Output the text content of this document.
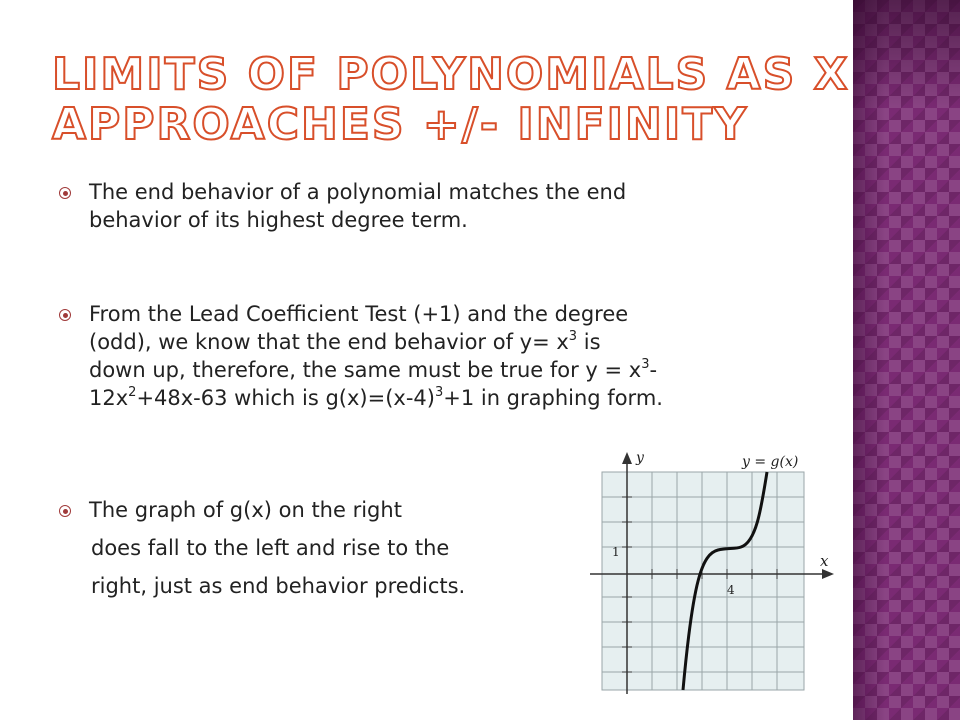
LIMITS OF POLYNOMIALS AS X
APPROACHES +/- INFINITY
The end behavior of a polynomial matches the end
behavior of its highest degree term.
From the Lead Coefficient Test (+1) and the degree
(odd), we know that the end behavior of $y= x^3$ is
down up, therefore, the same must be true for $y = x^3-$
$12x^2+48x-63$ which is $g(x)=(x-4)^3+1$ in graphing form.
The graph of g(x) on the right
does fall to the left and rise to the
right, just as end behavior predicts.
y
x
y = g(x)
1
4
